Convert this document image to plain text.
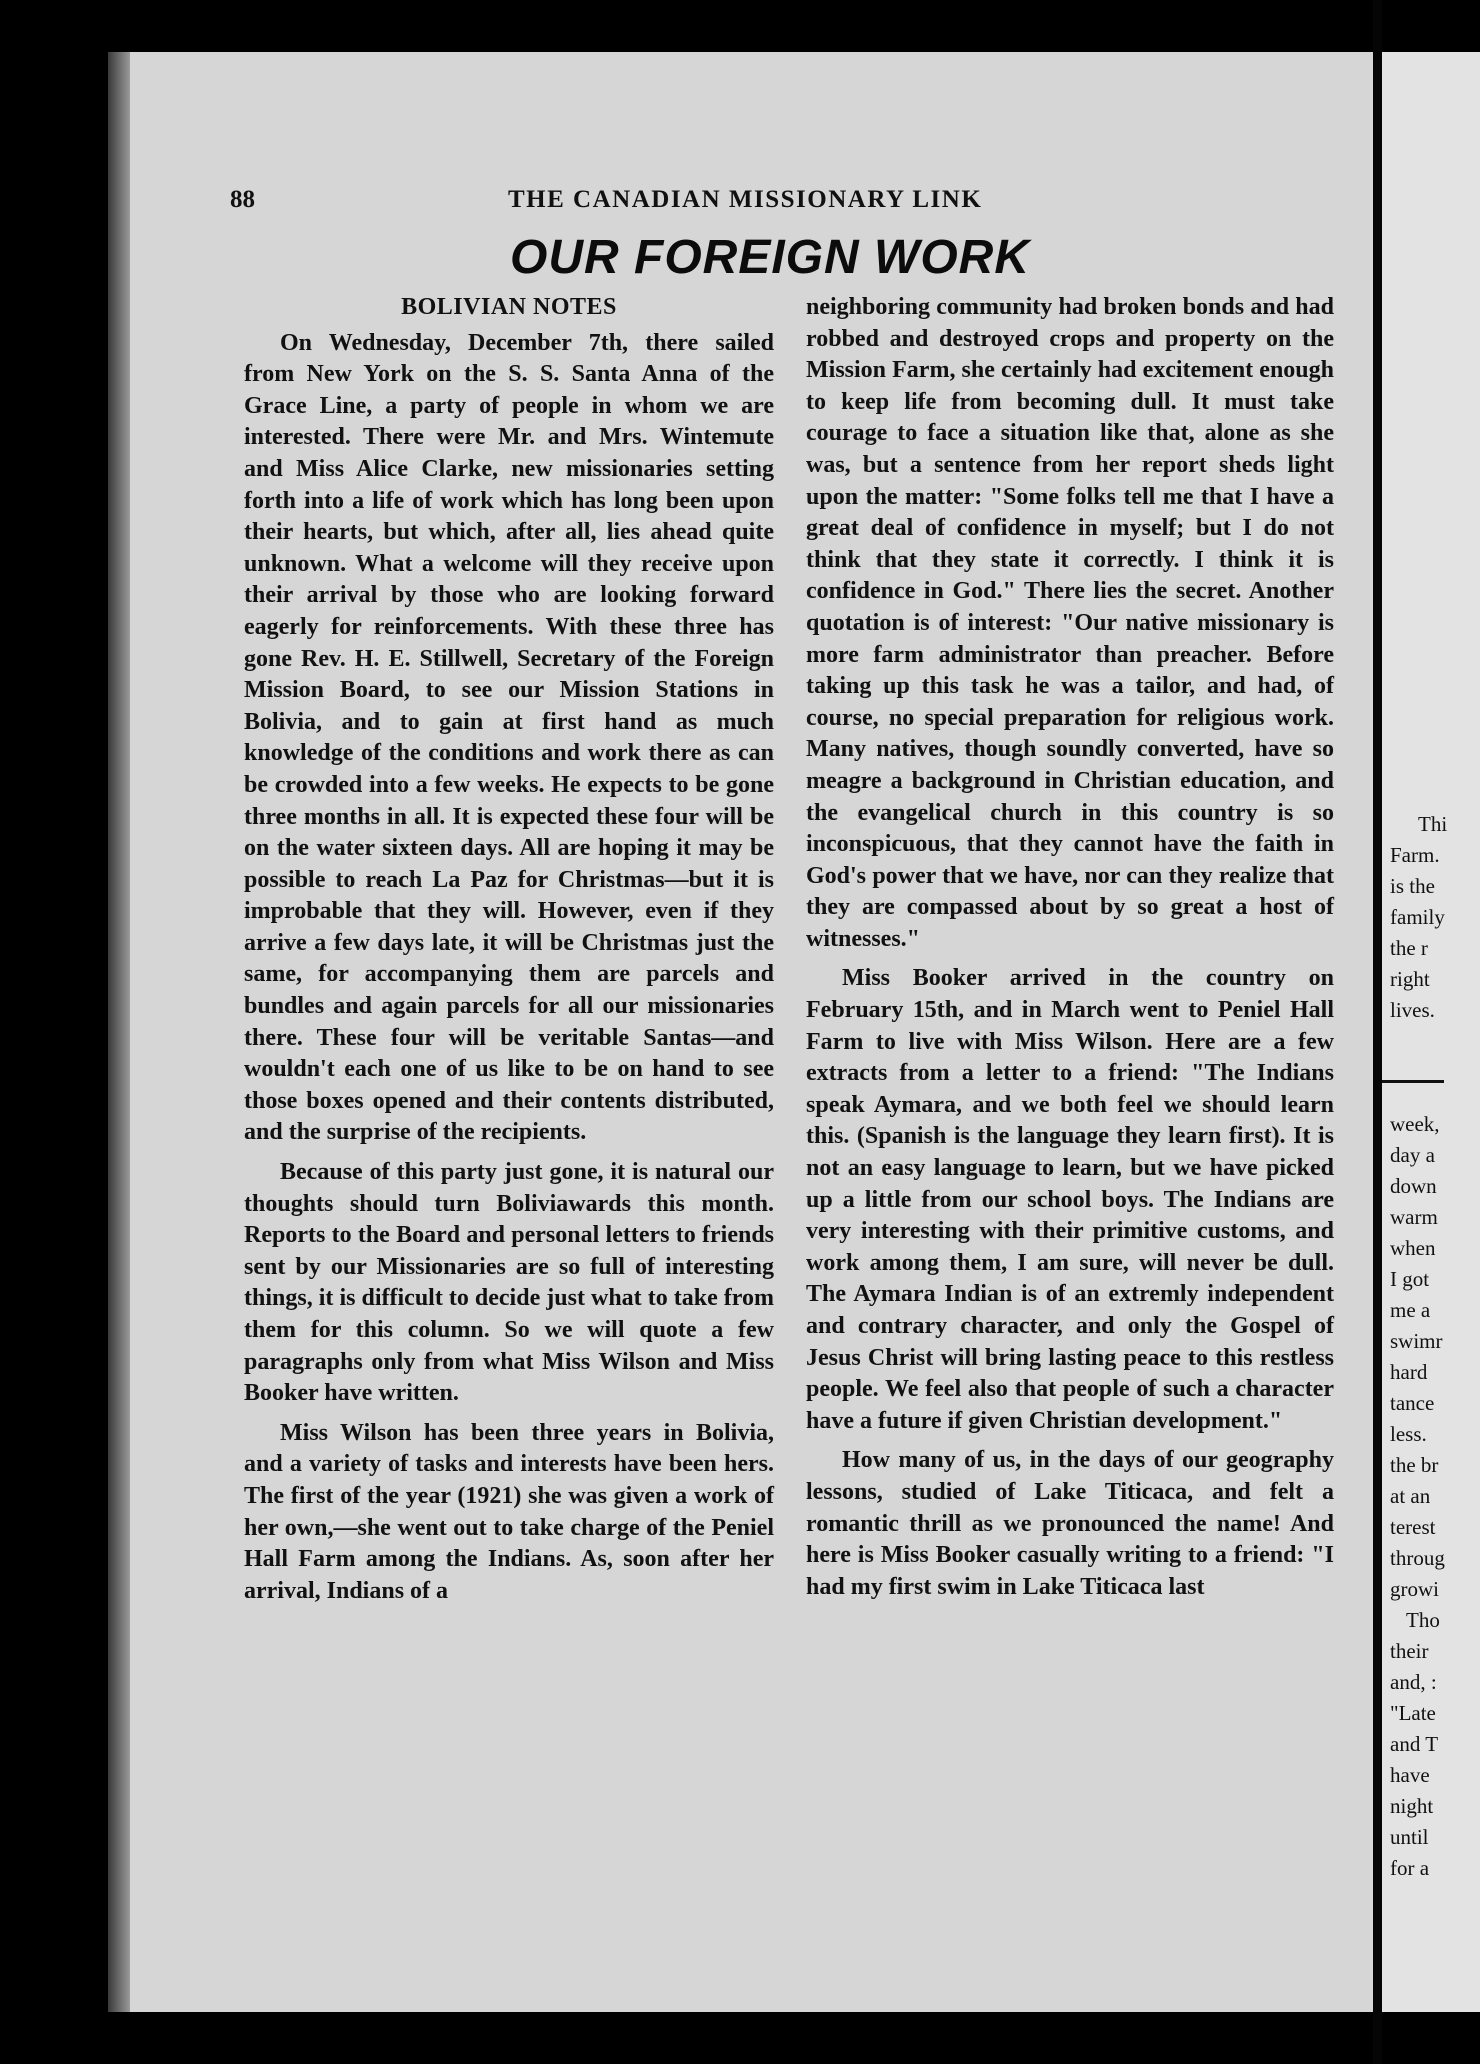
Thi
Farm.
is the
family
the r
right
lives.
week,
day a
down
warm
when
I got
me a
swimr
hard
tance
less.
the br
at an
terest
throug
growi
Tho
their
and, :
"Late
and T
have
night
until
for a
88	THE CANADIAN MISSIONARY LINK
OUR FOREIGN WORK
BOLIVIAN NOTES

On Wednesday, December 7th, there sailed from New York on the S. S. Santa Anna of the Grace Line, a party of people in whom we are interested. There were Mr. and Mrs. Wintemute and Miss Alice Clarke, new missionaries setting forth into a life of work which has long been upon their hearts, but which, after all, lies ahead quite unknown. What a welcome will they receive upon their arrival by those who are looking forward eagerly for reinforcements. With these three has gone Rev. H. E. Stillwell, Secretary of the Foreign Mission Board, to see our Mission Stations in Bolivia, and to gain at first hand as much knowledge of the conditions and work there as can be crowded into a few weeks. He expects to be gone three months in all. It is expected these four will be on the water sixteen days. All are hoping it may be possible to reach La Paz for Christmas—but it is improbable that they will. However, even if they arrive a few days late, it will be Christmas just the same, for accompanying them are parcels and bundles and again parcels for all our missionaries there. These four will be veritable Santas—and wouldn't each one of us like to be on hand to see those boxes opened and their contents distributed, and the surprise of the recipients.

Because of this party just gone, it is natural our thoughts should turn Boliviawards this month. Reports to the Board and personal letters to friends sent by our Missionaries are so full of interesting things, it is difficult to decide just what to take from them for this column. So we will quote a few paragraphs only from what Miss Wilson and Miss Booker have written.

Miss Wilson has been three years in Bolivia, and a variety of tasks and interests have been hers. The first of the year (1921) she was given a work of her own,—she went out to take charge of the Peniel Hall Farm among the Indians. As, soon after her arrival, Indians of a

neighboring community had broken bonds and had robbed and destroyed crops and property on the Mission Farm, she certainly had excitement enough to keep life from becoming dull. It must take courage to face a situation like that, alone as she was, but a sentence from her report sheds light upon the matter: "Some folks tell me that I have a great deal of confidence in myself; but I do not think that they state it correctly. I think it is confidence in God." There lies the secret. Another quotation is of interest: "Our native missionary is more farm administrator than preacher. Before taking up this task he was a tailor, and had, of course, no special preparation for religious work. Many natives, though soundly converted, have so meagre a background in Christian education, and the evangelical church in this country is so inconspicuous, that they cannot have the faith in God's power that we have, nor can they realize that they are compassed about by so great a host of witnesses."

Miss Booker arrived in the country on February 15th, and in March went to Peniel Hall Farm to live with Miss Wilson. Here are a few extracts from a letter to a friend: "The Indians speak Aymara, and we both feel we should learn this. (Spanish is the language they learn first). It is not an easy language to learn, but we have picked up a little from our school boys. The Indians are very interesting with their primitive customs, and work among them, I am sure, will never be dull. The Aymara Indian is of an extremly independent and contrary character, and only the Gospel of Jesus Christ will bring lasting peace to this restless people. We feel also that people of such a character have a future if given Christian development."

How many of us, in the days of our geography lessons, studied of Lake Titicaca, and felt a romantic thrill as we pronounced the name! And here is Miss Booker casually writing to a friend: "I had my first swim in Lake Titicaca last
